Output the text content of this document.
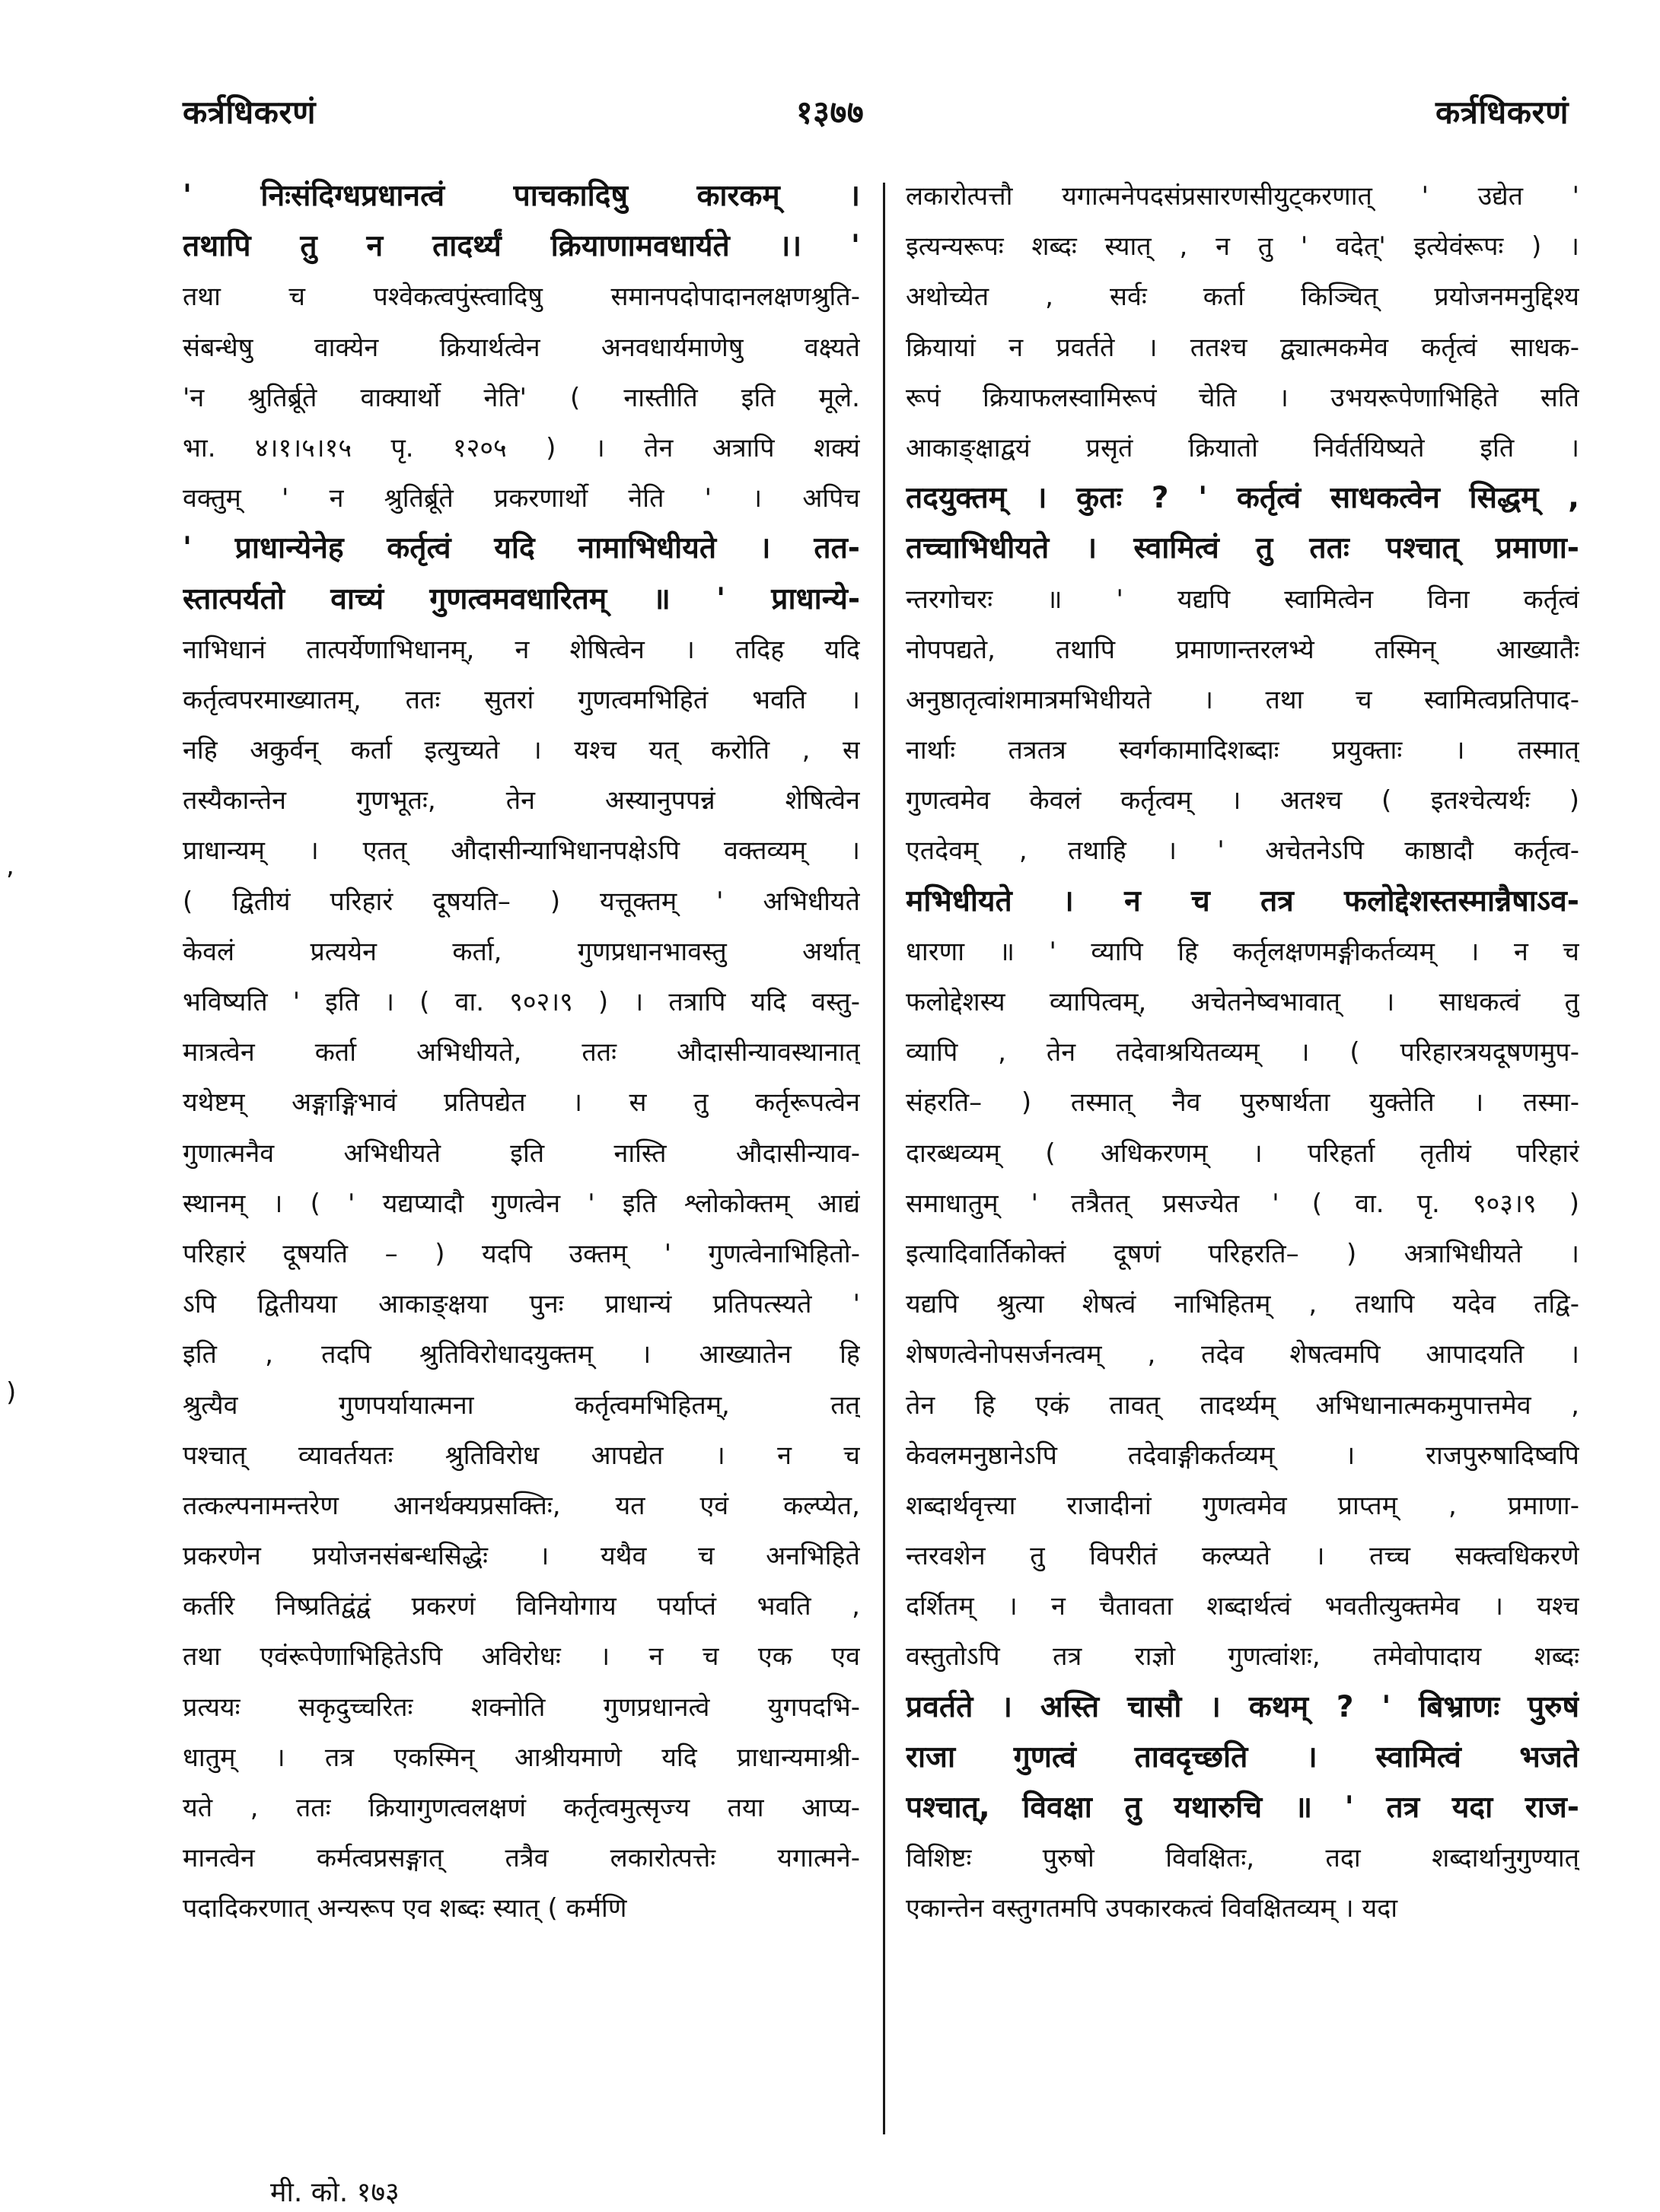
कर्त्रधिकरणं	१३७७	कर्त्रधिकरणं
' निःसंदिग्धप्रधानत्वं पाचकादिषु कारकम् ।
तथापि तु न तादर्थ्यं क्रियाणामवधार्यते ।। '
तथा च पश्वेकत्वपुंस्त्वादिषु समानपदोपादानलक्षणश्रुति-
संबन्धेषु वाक्येन क्रियार्थत्वेन अनवधार्यमाणेषु वक्ष्यते
'न श्रुतिर्ब्रूते वाक्यार्थो नेति' ( नास्तीति इति मूले.
भा. ४।१।५।१५ पृ. १२०५ ) । तेन अत्रापि शक्यं
वक्तुम् ' न श्रुतिर्ब्रूते प्रकरणार्थो नेति ' । अपिच
' प्राधान्येनेह कर्तृत्वं यदि नामाभिधीयते । तत-
स्तात्पर्यतो वाच्यं गुणत्वमवधारितम् ॥ ' प्राधान्ये-
नाभिधानं तात्पर्येणाभिधानम्, न शेषित्वेन । तदिह यदि
कर्तृत्वपरमाख्यातम्, ततः सुतरां गुणत्वमभिहितं भवति ।
नहि अकुर्वन् कर्ता इत्युच्यते । यश्च यत् करोति , स
तस्यैकान्तेन गुणभूतः, तेन अस्यानुपपन्नं शेषित्वेन
प्राधान्यम् । एतत् औदासीन्याभिधानपक्षेऽपि वक्तव्यम् ।
( द्वितीयं परिहारं दूषयति– ) यत्तूक्तम् ' अभिधीयते
केवलं प्रत्ययेन कर्ता, गुणप्रधानभावस्तु अर्थात्
भविष्यति ' इति । ( वा. ९०२।९ ) । तत्रापि यदि वस्तु-
मात्रत्वेन कर्ता अभिधीयते, ततः औदासीन्यावस्थानात्
यथेष्टम् अङ्गाङ्गिभावं प्रतिपद्येत । स तु कर्तृरूपत्वेन
गुणात्मनैव अभिधीयते इति नास्ति औदासीन्याव-
स्थानम् । ( ' यद्यप्यादौ गुणत्वेन ' इति श्लोकोक्तम् आद्यं
परिहारं दूषयति – ) यदपि उक्तम् ' गुणत्वेनाभिहितो-
ऽपि द्वितीयया आकाङ्क्षया पुनः प्राधान्यं प्रतिपत्स्यते '
इति , तदपि श्रुतिविरोधादयुक्तम् । आख्यातेन हि
श्रुत्यैव गुणपर्यायात्मना कर्तृत्वमभिहितम्, तत्
पश्चात् व्यावर्तयतः श्रुतिविरोध आपद्येत । न च
तत्कल्पनामन्तरेण आनर्थक्यप्रसक्तिः, यत एवं कल्प्येत,
प्रकरणेन प्रयोजनसंबन्धसिद्धेः । यथैव च अनभिहिते
कर्तरि निष्प्रतिद्वंद्वं प्रकरणं विनियोगाय पर्याप्तं भवति ,
तथा एवंरूपेणाभिहितेऽपि अविरोधः । न च एक एव
प्रत्ययः सकृदुच्चरितः शक्नोति गुणप्रधानत्वे युगपदभि-
धातुम् । तत्र एकस्मिन् आश्रीयमाणे यदि प्राधान्यमाश्री-
यते , ततः क्रियागुणत्वलक्षणं कर्तृत्वमुत्सृज्य तया आप्य-
मानत्वेन कर्मत्वप्रसङ्गात् तत्रैव लकारोत्पत्तेः यगात्मने-
पदादिकरणात् अन्यरूप एव शब्दः स्यात् ( कर्मणि
लकारोत्पत्तौ यगात्मनेपदसंप्रसारणसीयुट्करणात् ' उद्येत '
इत्यन्यरूपः शब्दः स्यात् , न तु ' वदेत्' इत्येवंरूपः ) ।
अथोच्येत , सर्वः कर्ता किञ्चित् प्रयोजनमनुद्दिश्य
क्रियायां न प्रवर्तते । ततश्च द्व्यात्मकमेव कर्तृत्वं साधक-
रूपं क्रियाफलस्वामिरूपं चेति । उभयरूपेणाभिहिते सति
आकाङ्क्षाद्वयं प्रसृतं क्रियातो निर्वर्तयिष्यते इति ।
तदयुक्तम् । कुतः ? ' कर्तृत्वं साधकत्वेन सिद्धम् ,
तच्चाभिधीयते । स्वामित्वं तु ततः पश्चात् प्रमाणा-
न्तरगोचरः ॥ ' यद्यपि स्वामित्वेन विना कर्तृत्वं
नोपपद्यते, तथापि प्रमाणान्तरलभ्ये तस्मिन् आख्यातैः
अनुष्ठातृत्वांशमात्रमभिधीयते । तथा च स्वामित्वप्रतिपाद-
नार्थाः तत्रतत्र स्वर्गकामादिशब्दाः प्रयुक्ताः । तस्मात्
गुणत्वमेव केवलं कर्तृत्वम् । अतश्च ( इतश्चेत्यर्थः )
एतदेवम् , तथाहि । ' अचेतनेऽपि काष्ठादौ कर्तृत्व-
मभिधीयते । न च तत्र फलोद्देशस्तस्मान्नैषाऽव-
धारणा ॥ ' व्यापि हि कर्तृलक्षणमङ्गीकर्तव्यम् । न च
फलोद्देशस्य व्यापित्वम्, अचेतनेष्वभावात् । साधकत्वं तु
व्यापि , तेन तदेवाश्रयितव्यम् । ( परिहारत्रयदूषणमुप-
संहरति– ) तस्मात् नैव पुरुषार्थता युक्तेति । तस्मा-
दारब्धव्यम् ( अधिकरणम् । परिहर्ता तृतीयं परिहारं
समाधातुम् ' तत्रैतत् प्रसज्येत ' ( वा. पृ. ९०३।९ )
इत्यादिवार्तिकोक्तं दूषणं परिहरति– ) अत्राभिधीयते ।
यद्यपि श्रुत्या शेषत्वं नाभिहितम् , तथापि यदेव तद्वि-
शेषणत्वेनोपसर्जनत्वम् , तदेव शेषत्वमपि आपादयति ।
तेन हि एकं तावत् तादर्थ्यम् अभिधानात्मकमुपात्तमेव ,
केवलमनुष्ठानेऽपि तदेवाङ्गीकर्तव्यम् । राजपुरुषादिष्वपि
शब्दार्थवृत्त्या राजादीनां गुणत्वमेव प्राप्तम् , प्रमाणा-
न्तरवशेन तु विपरीतं कल्प्यते । तच्च सक्त्वधिकरणे
दर्शितम् । न चैतावता शब्दार्थत्वं भवतीत्युक्तमेव । यश्च
वस्तुतोऽपि तत्र राज्ञो गुणत्वांशः, तमेवोपादाय शब्दः
प्रवर्तते । अस्ति चासौ । कथम् ? ' बिभ्राणः पुरुषं
राजा गुणत्वं तावदृच्छति । स्वामित्वं भजते
पश्चात्, विवक्षा तु यथारुचि ॥ ' तत्र यदा राज-
विशिष्टः पुरुषो विवक्षितः, तदा शब्दार्थानुगुण्यात्
एकान्तेन वस्तुगतमपि उपकारकत्वं विवक्षितव्यम् । यदा
,
)
मी. को. १७३
